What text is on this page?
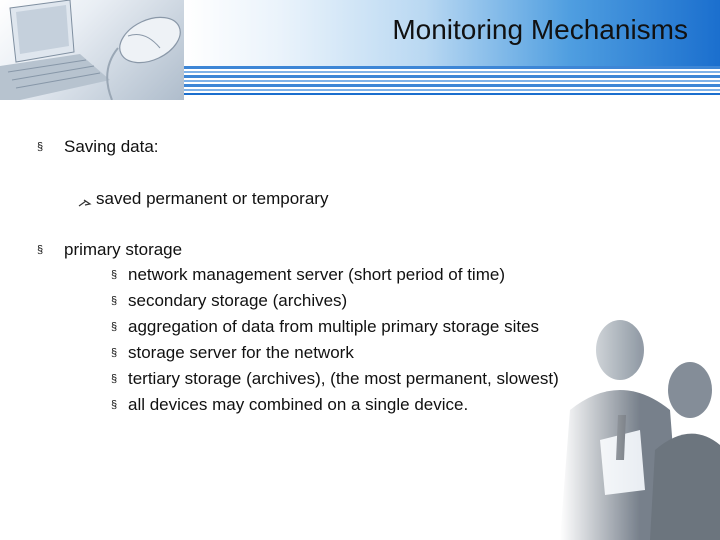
Monitoring Mechanisms
§ Saving data:
saved permanent or temporary
§ primary storage
§ network management server (short period of time)
§ secondary storage (archives)
§ aggregation of data from multiple primary storage sites
§ storage server for the network
§ tertiary storage (archives), (the most permanent, slowest)
§ all devices may combined on a single device.
